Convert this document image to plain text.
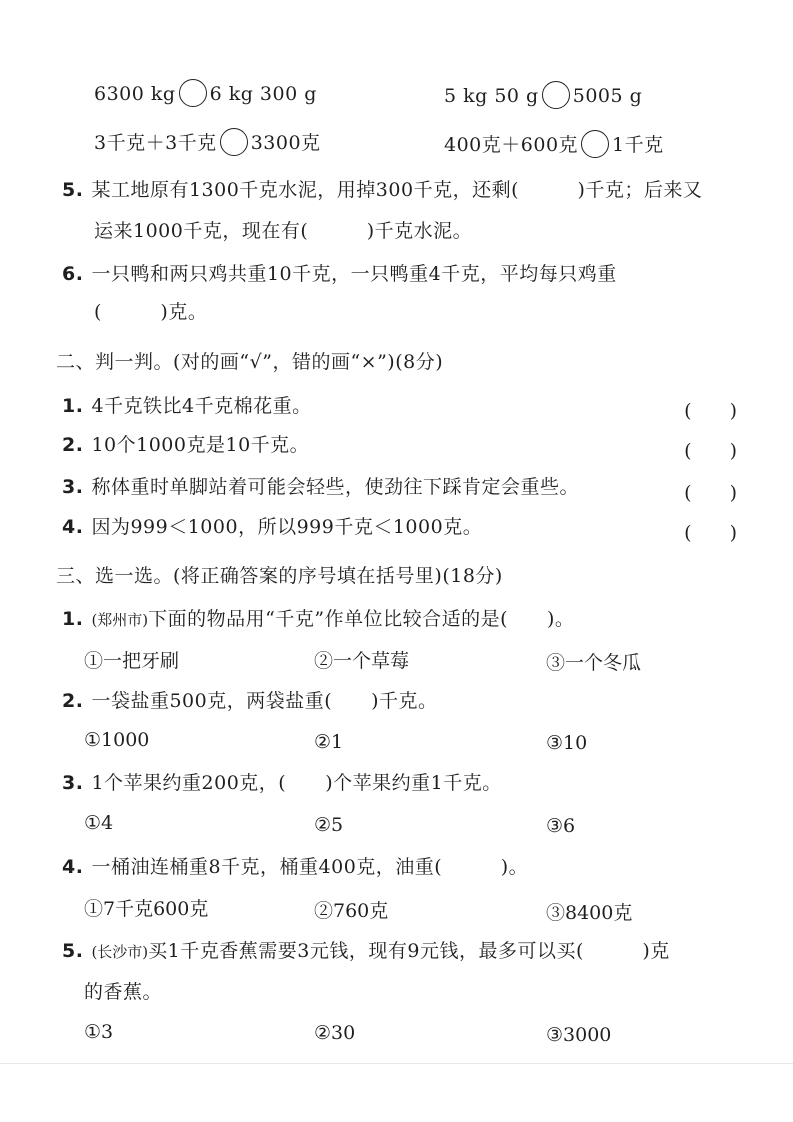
6300 kg 6 kg 300 g	5 kg 50 g 5005 g
3千克＋3千克 3300克	400克＋600克 1千克
5. 某工地原有1300千克水泥，用掉300千克，还剩(　　　)千克；后来又
运来1000千克，现在有(　　　)千克水泥。
6. 一只鸭和两只鸡共重10千克，一只鸭重4千克，平均每只鸡重
(　　　)克。
二、判一判。(对的画“√”，错的画“×”)(8分)
1. 4千克铁比4千克棉花重。	(　　)
2. 10个1000克是10千克。	(　　)
3. 称体重时单脚站着可能会轻些，使劲往下踩肯定会重些。	(　　)
4. 因为999＜1000，所以999千克＜1000克。	(　　)
三、选一选。(将正确答案的序号填在括号里)(18分)
1. (郑州市)下面的物品用“千克”作单位比较合适的是(　　)。
①一把牙刷	②一个草莓	③一个冬瓜
2. 一袋盐重500克，两袋盐重(　　)千克。
①1000	②1	③10
3. 1个苹果约重200克，(　　)个苹果约重1千克。
①4	②5	③6
4. 一桶油连桶重8千克，桶重400克，油重(　　　)。
①7千克600克	②760克	③8400克
5. (长沙市)买1千克香蕉需要3元钱，现有9元钱，最多可以买(　　　)克
的香蕉。
①3	②30	③3000
